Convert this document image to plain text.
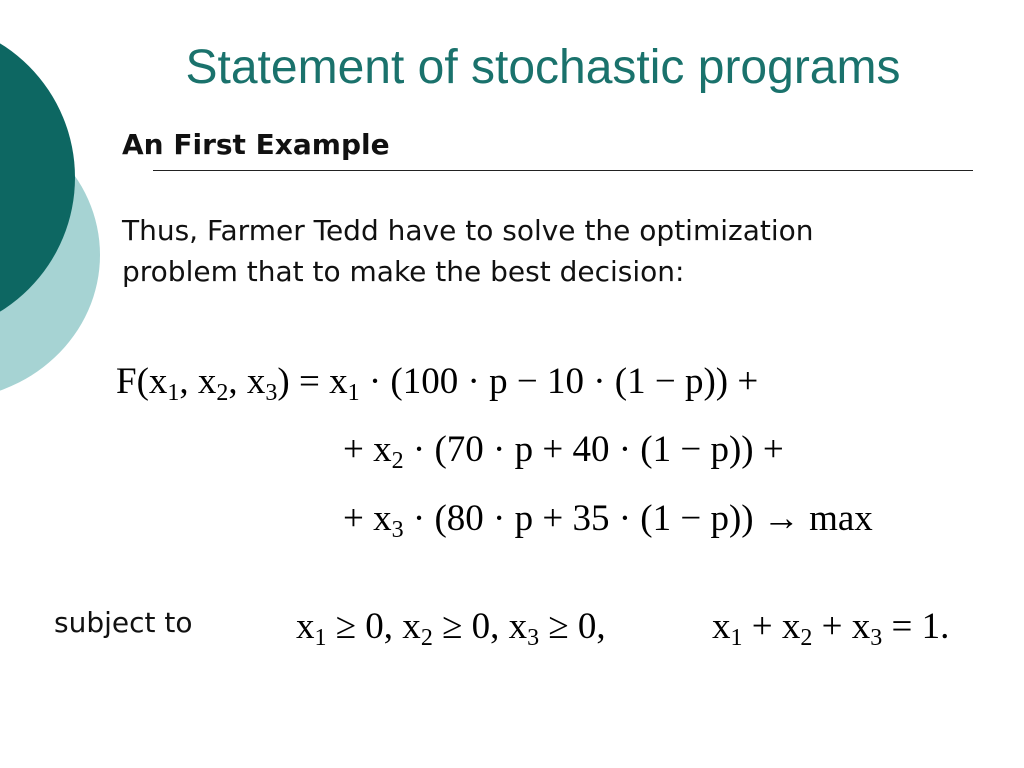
Statement of stochastic programs
An First Example
Thus, Farmer Tedd have to solve the optimization problem that to make the best decision:
$F(x_1$, $x_2$, $x_3) = x_1 \cdot (100 \cdot p - 10 \cdot (1 - p))$ +
+ $x_2 \cdot (70 \cdot p + 40 \cdot (1 - p))$ +
+ $x_3 \cdot (80 \cdot p + 35 \cdot (1 - p)) \to \max$
subject to	$x_1 \ge 0$, $x_2 \ge 0$, $x_3 \ge 0$,	$x_1 + x_2 + x_3 = 1$.
